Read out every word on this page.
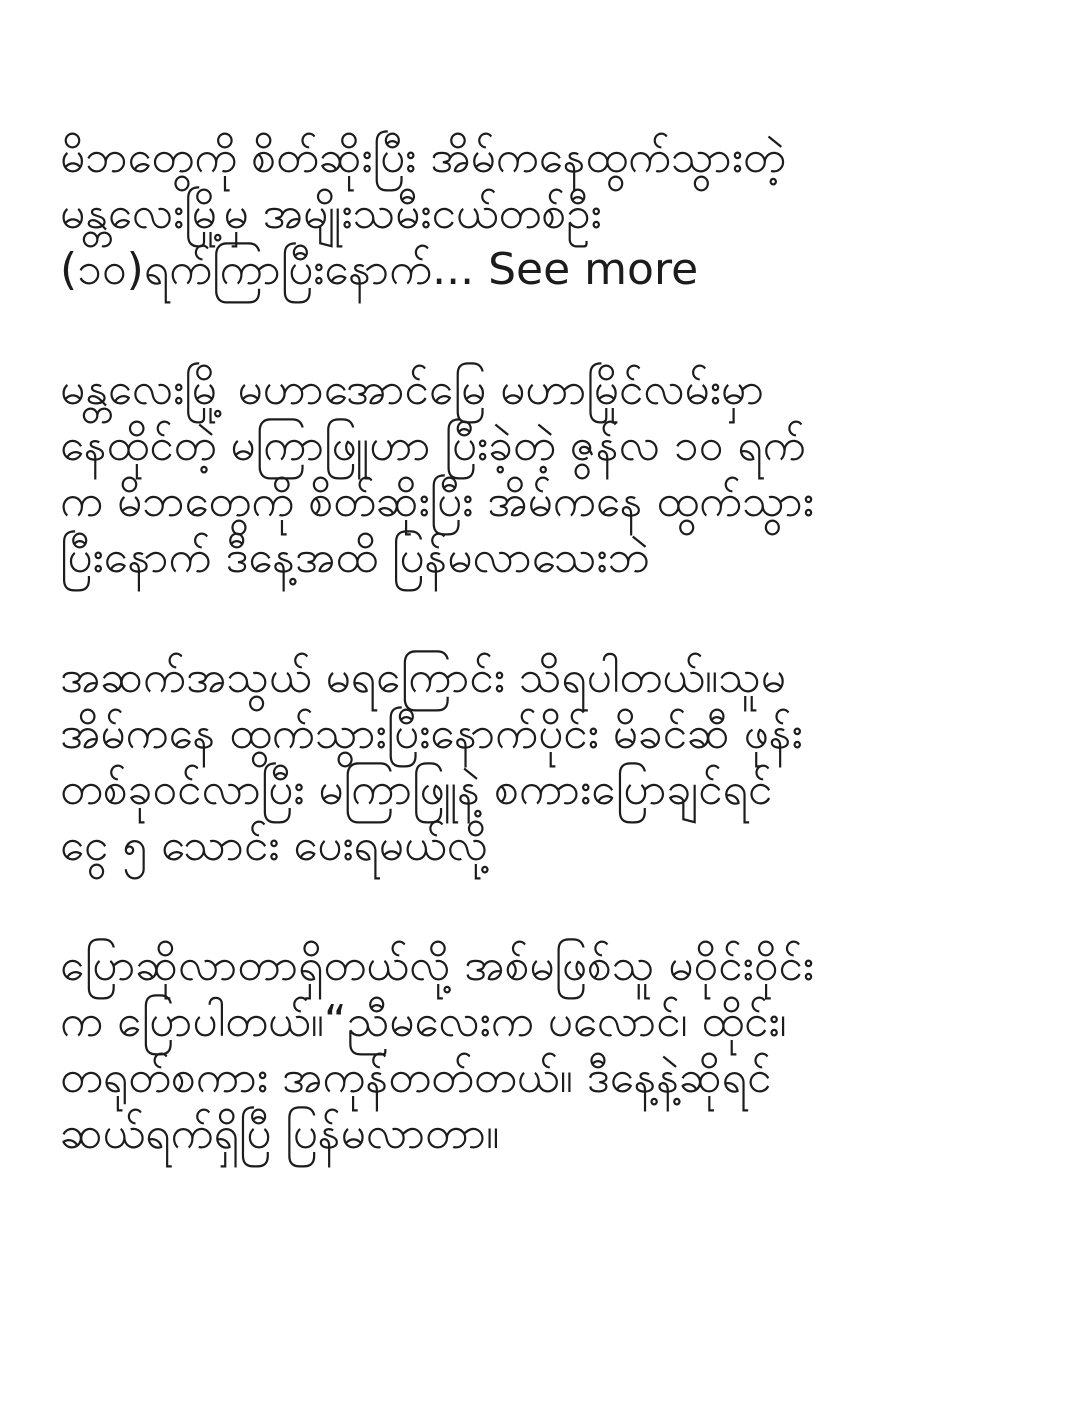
မိဘတွေကို စိတ်ဆိုးပြီး အိမ်ကနေထွက်သွားတဲ့
မန္တလေးမြို့မှ အမျိုးသမီးငယ်တစ်ဦး
(၁၀)ရက်ကြာပြီးနောက်... See more

မန္တလေးမြို့ မဟာအောင်မြေ မဟာမြိုင်လမ်းမှာ
နေထိုင်တဲ့ မကြာဖြူဟာ ပြီးခဲ့တဲ့ ဇွန်လ ၁၀ ရက်
က မိဘတွေကို စိတ်ဆိုးပြီး အိမ်ကနေ ထွက်သွား
ပြီးနောက် ဒီနေ့အထိ ပြန်မလာသေးဘဲ

အဆက်အသွယ် မရကြောင်း သိရပါတယ်။သူမ
အိမ်ကနေ ထွက်သွားပြီးနောက်ပိုင်း မိခင်ဆီ ဖုန်း
တစ်ခုဝင်လာပြီး မကြာဖြူနဲ့ စကားပြောချင်ရင်
ငွေ ၅ သောင်း ပေးရမယ်လို့

ပြောဆိုလာတာရှိတယ်လို့ အစ်မဖြစ်သူ မဝိုင်းဝိုင်း
က ပြောပါတယ်။“ညီမလေးက ပလောင်၊ ထိုင်း၊
တရုတ်စကား အကုန်တတ်တယ်။ ဒီနေ့နဲ့ဆိုရင်
ဆယ်ရက်ရှိပြီ ပြန်မလာတာ။
